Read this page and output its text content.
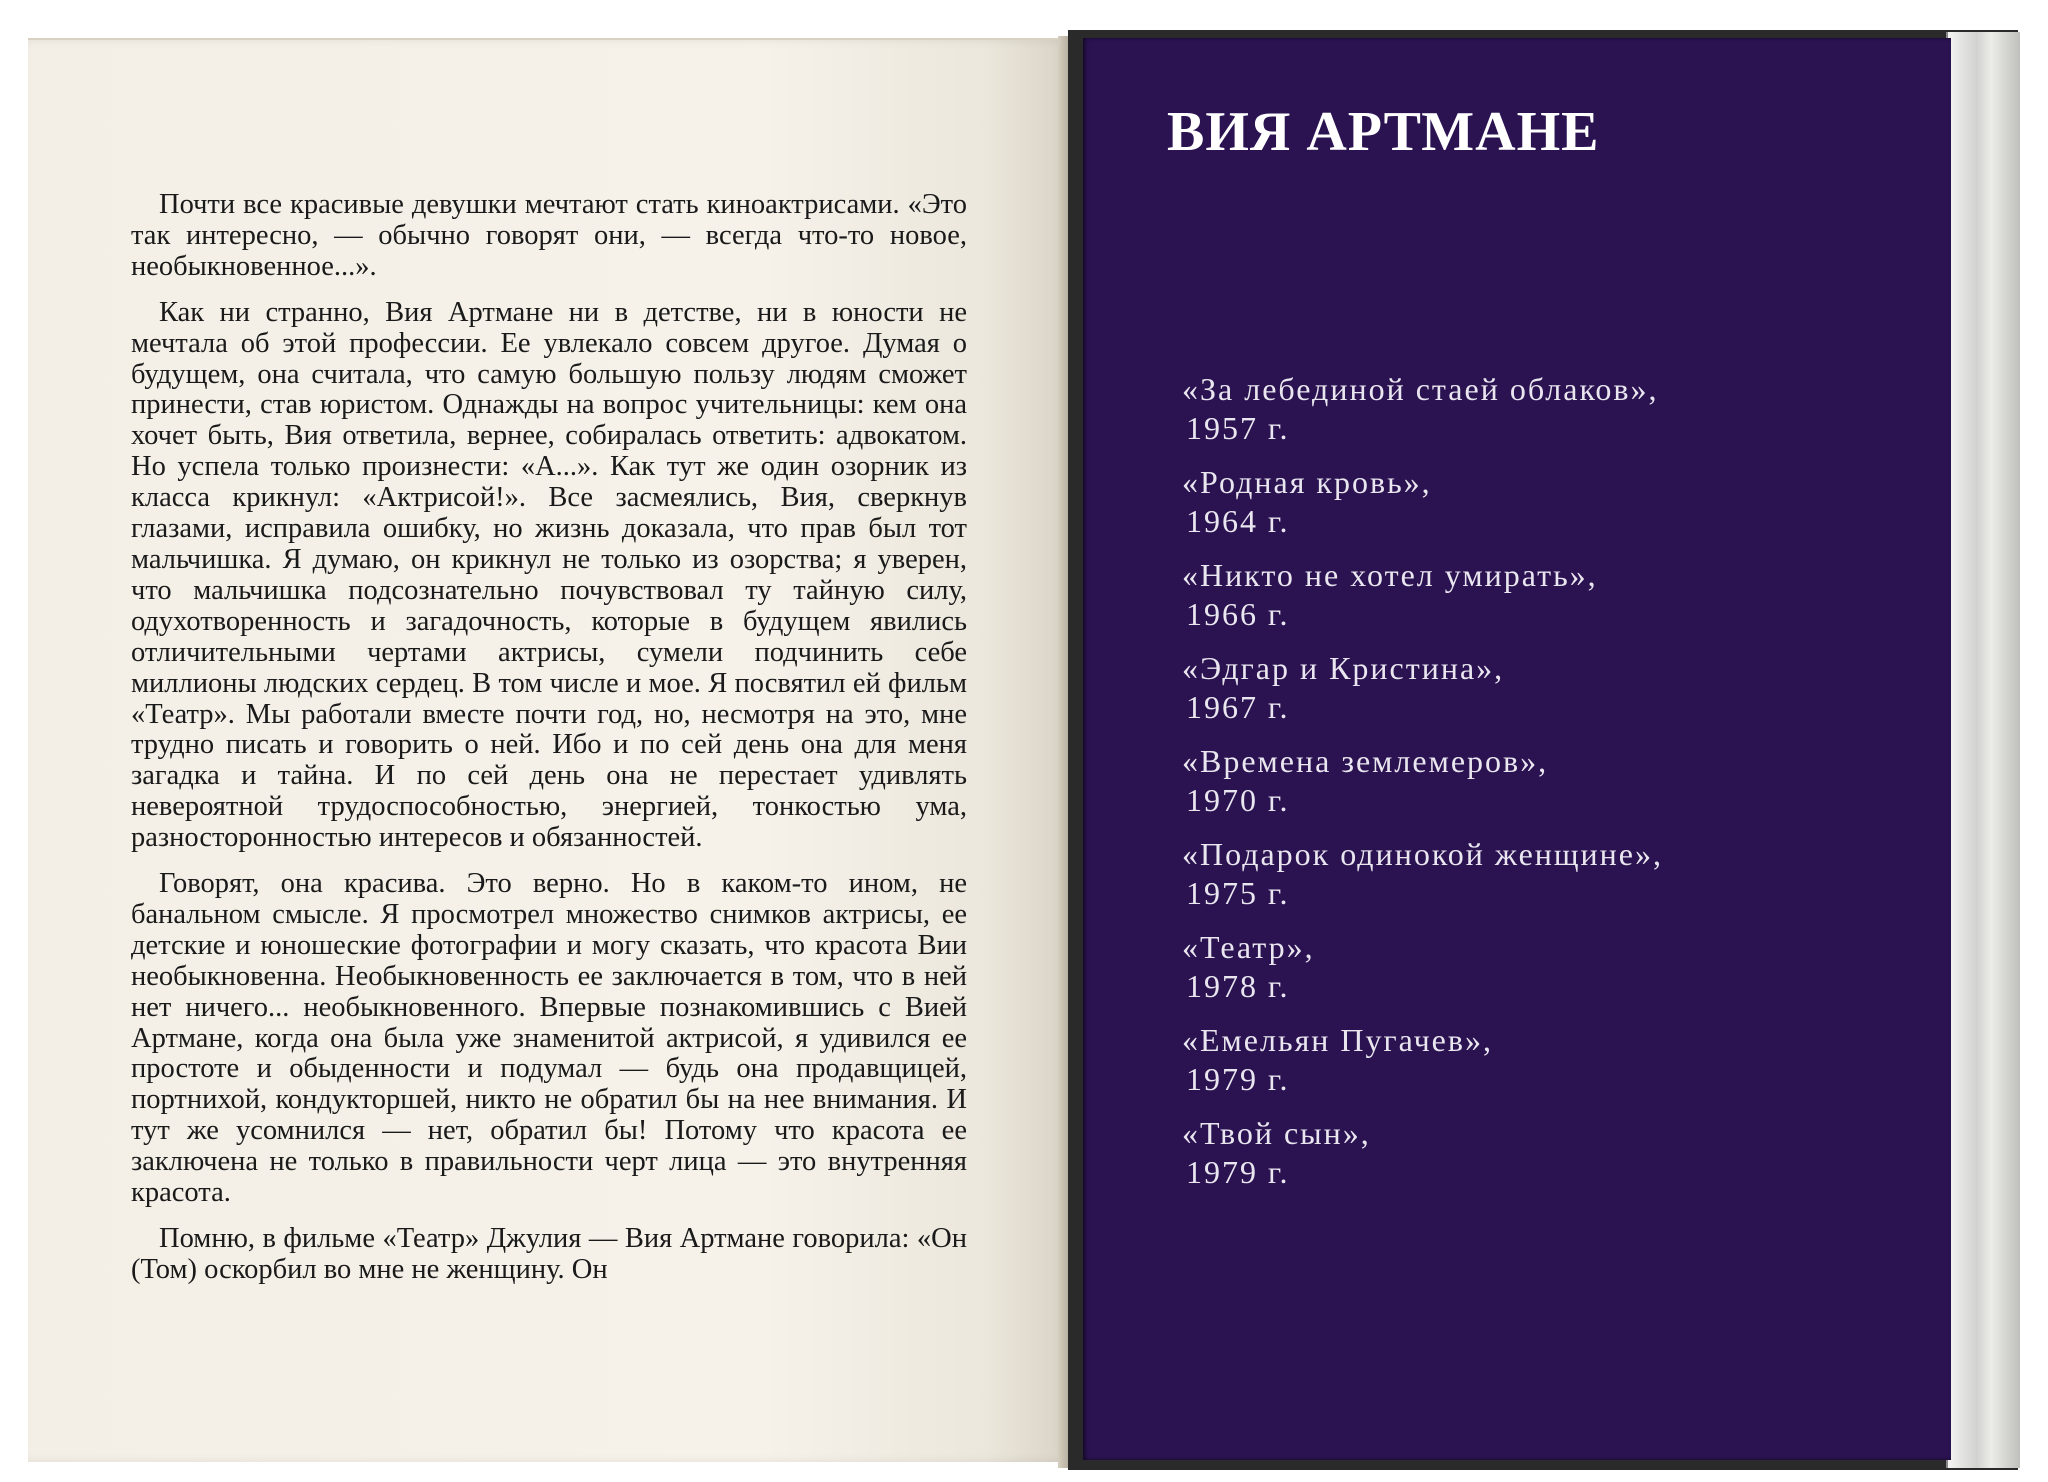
Почти все красивые девушки мечтают стать киноактрисами. «Это так интересно, — обычно говорят они, — всегда что-то новое, необыкновенное...».

Как ни странно, Вия Артмане ни в детстве, ни в юности не мечтала об этой профессии. Ее увлекало совсем другое. Думая о будущем, она считала, что самую большую пользу людям сможет принести, став юристом. Однажды на вопрос учительницы: кем она хочет быть, Вия ответила, вернее, собиралась ответить: адвокатом. Но успела только произнести: «А...». Как тут же один озорник из класса крикнул: «Актрисой!». Все засмеялись, Вия, сверкнув глазами, исправила ошибку, но жизнь доказала, что прав был тот мальчишка. Я думаю, он крикнул не только из озорства; я уверен, что мальчишка подсознательно почувствовал ту тайную силу, одухотворенность и загадочность, которые в будущем явились отличительными чертами актрисы, сумели подчинить себе миллионы людских сердец. В том числе и мое. Я посвятил ей фильм «Театр». Мы работали вместе почти год, но, несмотря на это, мне трудно писать и говорить о ней. Ибо и по сей день она для меня загадка и тайна. И по сей день она не перестает удивлять невероятной трудоспособностью, энергией, тонкостью ума, разносторонностью интересов и обязанностей.

Говорят, она красива. Это верно. Но в каком-то ином, не банальном смысле. Я просмотрел множество снимков актрисы, ее детские и юношеские фотографии и могу сказать, что красота Вии необыкновенна. Необыкновенность ее заключается в том, что в ней нет ничего... необыкновенного. Впервые познакомившись с Вией Артмане, когда она была уже знаменитой актрисой, я удивился ее простоте и обыденности и подумал — будь она продавщицей, портнихой, кондукторшей, никто не обратил бы на нее внимания. И тут же усомнился — нет, обратил бы! Потому что красота ее заключена не только в правильности черт лица — это внутренняя красота.

Помню, в фильме «Театр» Джулия — Вия Артмане говорила: «Он (Том) оскорбил во мне не женщину. Он

ВИЯ АРТМАНЕ
«За лебединой стаей облаков»,
1957 г.
«Родная кровь»,
1964 г.
«Никто не хотел умирать»,
1966 г.
«Эдгар и Кристина»,
1967 г.
«Времена землемеров»,
1970 г.
«Подарок одинокой женщине»,
1975 г.
«Театр»,
1978 г.
«Емельян Пугачев»,
1979 г.
«Твой сын»,
1979 г.
